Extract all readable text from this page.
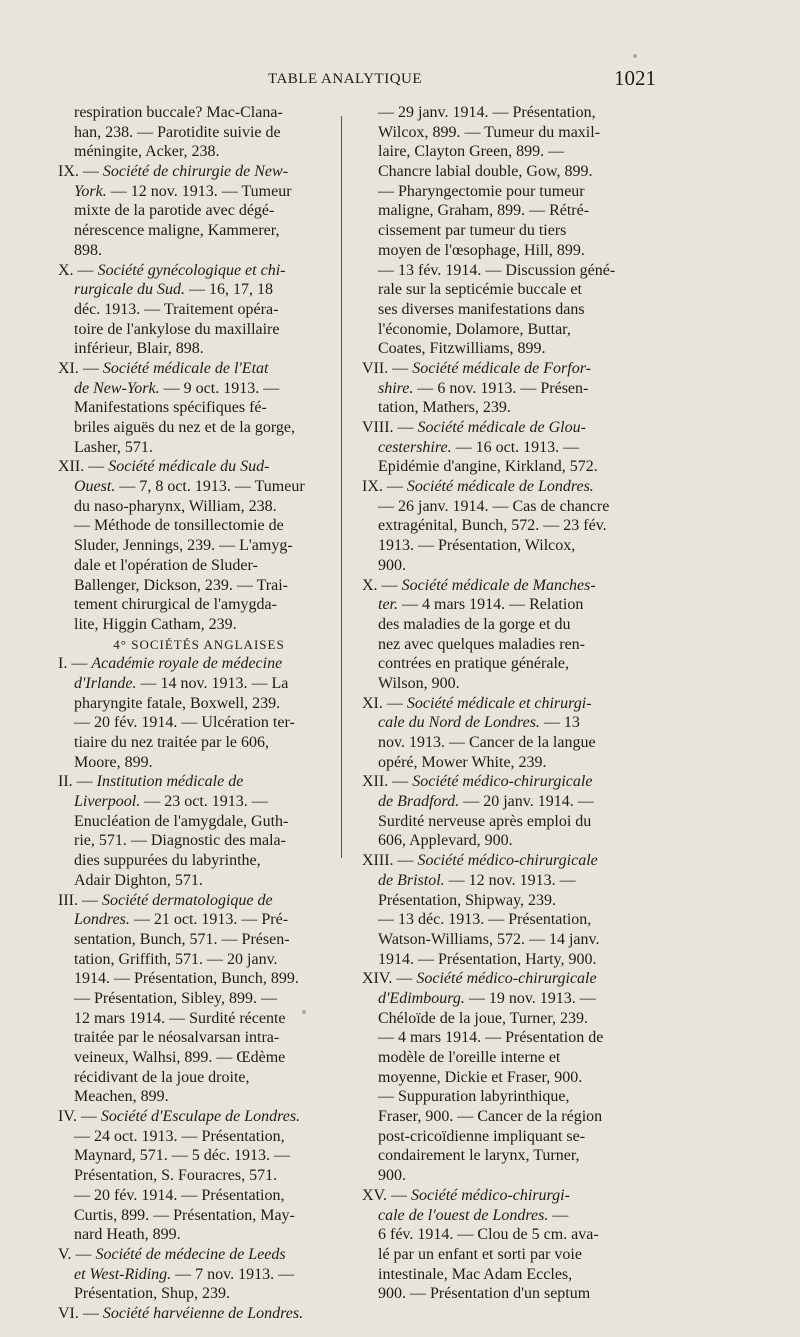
TABLE ANALYTIQUE	1021
respiration buccale? Mac-Clana-
han, 238. — Parotidite suivie de
méningite, Acker, 238.
IX. — Société de chirurgie de New-
York. — 12 nov. 1913. — Tumeur
mixte de la parotide avec dégé-
nérescence maligne, Kammerer,
898.
X. — Société gynécologique et chi-
rurgicale du Sud. — 16, 17, 18
déc. 1913. — Traitement opéra-
toire de l'ankylose du maxillaire
inférieur, Blair, 898.
XI. — Société médicale de l'Etat
de New-York. — 9 oct. 1913. —
Manifestations spécifiques fé-
briles aiguës du nez et de la gorge,
Lasher, 571.
XII. — Société médicale du Sud-
Ouest. — 7, 8 oct. 1913. — Tumeur
du naso-pharynx, William, 238.
— Méthode de tonsillectomie de
Sluder, Jennings, 239. — L'amyg-
dale et l'opération de Sluder-
Ballenger, Dickson, 239. — Trai-
tement chirurgical de l'amygda-
lite, Higgin Catham, 239.
4° SOCIÉTÉS ANGLAISES
I. — Académie royale de médecine
d'Irlande. — 14 nov. 1913. — La
pharyngite fatale, Boxwell, 239.
— 20 fév. 1914. — Ulcération ter-
tiaire du nez traitée par le 606,
Moore, 899.
II. — Institution médicale de
Liverpool. — 23 oct. 1913. —
Enucléation de l'amygdale, Guth-
rie, 571. — Diagnostic des mala-
dies suppurées du labyrinthe,
Adair Dighton, 571.
III. — Société dermatologique de
Londres. — 21 oct. 1913. — Pré-
sentation, Bunch, 571. — Présen-
tation, Griffith, 571. — 20 janv.
1914. — Présentation, Bunch, 899.
— Présentation, Sibley, 899. —
12 mars 1914. — Surdité récente
traitée par le néosalvarsan intra-
veineux, Walhsi, 899. — Œdème
récidivant de la joue droite,
Meachen, 899.
IV. — Société d'Esculape de Londres.
— 24 oct. 1913. — Présentation,
Maynard, 571. — 5 déc. 1913. —
Présentation, S. Fouracres, 571.
— 20 fév. 1914. — Présentation,
Curtis, 899. — Présentation, May-
nard Heath, 899.
V. — Société de médecine de Leeds
et West-Riding. — 7 nov. 1913. —
Présentation, Shup, 239.
VI. — Société harvéienne de Londres.
— 29 janv. 1914. — Présentation,
Wilcox, 899. — Tumeur du maxil-
laire, Clayton Green, 899. —
Chancre labial double, Gow, 899.
— Pharyngectomie pour tumeur
maligne, Graham, 899. — Rétré-
cissement par tumeur du tiers
moyen de l'œsophage, Hill, 899.
— 13 fév. 1914. — Discussion géné-
rale sur la septicémie buccale et
ses diverses manifestations dans
l'économie, Dolamore, Buttar,
Coates, Fitzwilliams, 899.
VII. — Société médicale de Forfor-
shire. — 6 nov. 1913. — Présen-
tation, Mathers, 239.
VIII. — Société médicale de Glou-
cestershire. — 16 oct. 1913. —
Epidémie d'angine, Kirkland, 572.
IX. — Société médicale de Londres.
— 26 janv. 1914. — Cas de chancre
extragénital, Bunch, 572. — 23 fév.
1913. — Présentation, Wilcox,
900.
X. — Société médicale de Manches-
ter. — 4 mars 1914. — Relation
des maladies de la gorge et du
nez avec quelques maladies ren-
contrées en pratique générale,
Wilson, 900.
XI. — Société médicale et chirurgi-
cale du Nord de Londres. — 13
nov. 1913. — Cancer de la langue
opéré, Mower White, 239.
XII. — Société médico-chirurgicale
de Bradford. — 20 janv. 1914. —
Surdité nerveuse après emploi du
606, Applevard, 900.
XIII. — Société médico-chirurgicale
de Bristol. — 12 nov. 1913. —
Présentation, Shipway, 239.
— 13 déc. 1913. — Présentation,
Watson-Williams, 572. — 14 janv.
1914. — Présentation, Harty, 900.
XIV. — Société médico-chirurgicale
d'Edimbourg. — 19 nov. 1913. —
Chéloïde de la joue, Turner, 239.
— 4 mars 1914. — Présentation de
modèle de l'oreille interne et
moyenne, Dickie et Fraser, 900.
— Suppuration labyrinthique,
Fraser, 900. — Cancer de la région
post-cricoïdienne impliquant se-
condairement le larynx, Turner,
900.
XV. — Société médico-chirurgi-
cale de l'ouest de Londres. —
6 fév. 1914. — Clou de 5 cm. ava-
lé par un enfant et sorti par voie
intestinale, Mac Adam Eccles,
900. — Présentation d'un septum
